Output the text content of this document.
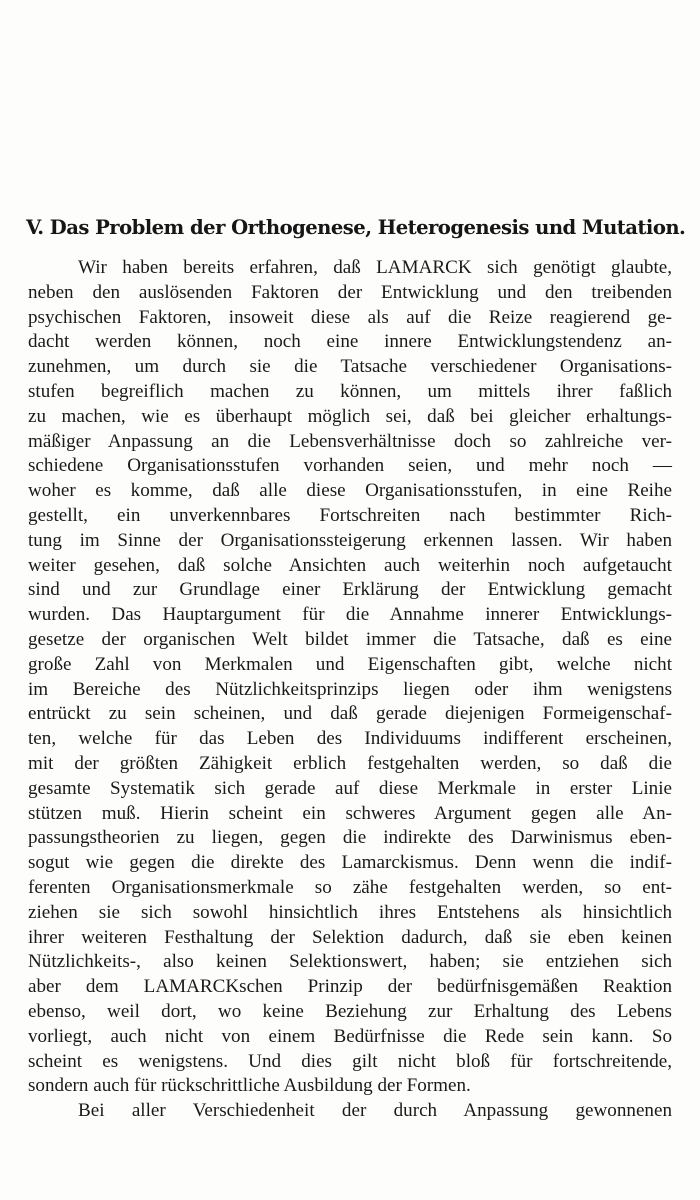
V. Das Problem der Orthogenese, Heterogenesis und Mutation.
Wir haben bereits erfahren, daß LAMARCK sich genötigt glaubte,
neben den auslösenden Faktoren der Entwicklung und den treibenden
psychischen Faktoren, insoweit diese als auf die Reize reagierend ge-
dacht werden können, noch eine innere Entwicklungstendenz an-
zunehmen, um durch sie die Tatsache verschiedener Organisations-
stufen begreiflich machen zu können, um mittels ihrer faßlich
zu machen, wie es überhaupt möglich sei, daß bei gleicher erhaltungs-
mäßiger Anpassung an die Lebensverhältnisse doch so zahlreiche ver-
schiedene Organisationsstufen vorhanden seien, und mehr noch —
woher es komme, daß alle diese Organisationsstufen, in eine Reihe
gestellt, ein unverkennbares Fortschreiten nach bestimmter Rich-
tung im Sinne der Organisationssteigerung erkennen lassen. Wir haben
weiter gesehen, daß solche Ansichten auch weiterhin noch aufgetaucht
sind und zur Grundlage einer Erklärung der Entwicklung gemacht
wurden. Das Hauptargument für die Annahme innerer Entwicklungs-
gesetze der organischen Welt bildet immer die Tatsache, daß es eine
große Zahl von Merkmalen und Eigenschaften gibt, welche nicht
im Bereiche des Nützlichkeitsprinzips liegen oder ihm wenigstens
entrückt zu sein scheinen, und daß gerade diejenigen Formeigenschaf-
ten, welche für das Leben des Individuums indifferent erscheinen,
mit der größten Zähigkeit erblich festgehalten werden, so daß die
gesamte Systematik sich gerade auf diese Merkmale in erster Linie
stützen muß. Hierin scheint ein schweres Argument gegen alle An-
passungstheorien zu liegen, gegen die indirekte des Darwinismus eben-
sogut wie gegen die direkte des Lamarckismus. Denn wenn die indif-
ferenten Organisationsmerkmale so zähe festgehalten werden, so ent-
ziehen sie sich sowohl hinsichtlich ihres Entstehens als hinsichtlich
ihrer weiteren Festhaltung der Selektion dadurch, daß sie eben keinen
Nützlichkeits-, also keinen Selektionswert, haben; sie entziehen sich
aber dem LAMARCKschen Prinzip der bedürfnisgemäßen Reaktion
ebenso, weil dort, wo keine Beziehung zur Erhaltung des Lebens
vorliegt, auch nicht von einem Bedürfnisse die Rede sein kann. So
scheint es wenigstens. Und dies gilt nicht bloß für fortschreitende,
sondern auch für rückschrittliche Ausbildung der Formen.
Bei aller Verschiedenheit der durch Anpassung gewonnenen
